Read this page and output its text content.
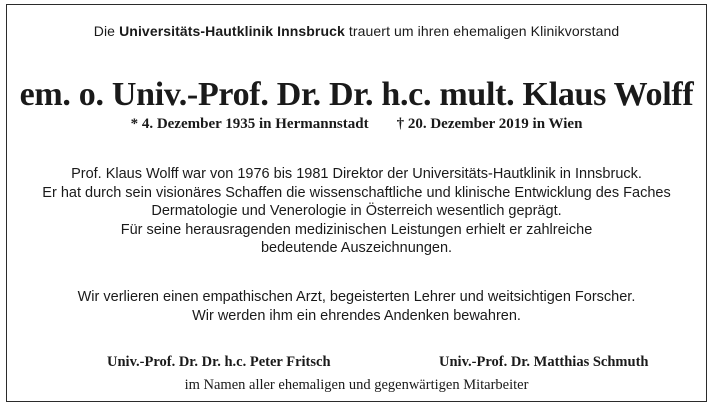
Die Universitäts-Hautklinik Innsbruck trauert um ihren ehemaligen Klinikvorstand
em. o. Univ.-Prof. Dr. Dr. h.c. mult. Klaus Wolff
* 4. Dezember 1935 in Hermannstadt † 20. Dezember 2019 in Wien
Prof. Klaus Wolff war von 1976 bis 1981 Direktor der Universitäts-Hautklinik in Innsbruck.
Er hat durch sein visionäres Schaffen die wissenschaftliche und klinische Entwicklung des Faches
Dermatologie und Venerologie in Österreich wesentlich geprägt.
Für seine herausragenden medizinischen Leistungen erhielt er zahlreiche
bedeutende Auszeichnungen.
Wir verlieren einen empathischen Arzt, begeisterten Lehrer und weitsichtigen Forscher.
Wir werden ihm ein ehrendes Andenken bewahren.
Univ.-Prof. Dr. Dr. h.c. Peter Fritsch	Univ.-Prof. Dr. Matthias Schmuth
im Namen aller ehemaligen und gegenwärtigen Mitarbeiter
